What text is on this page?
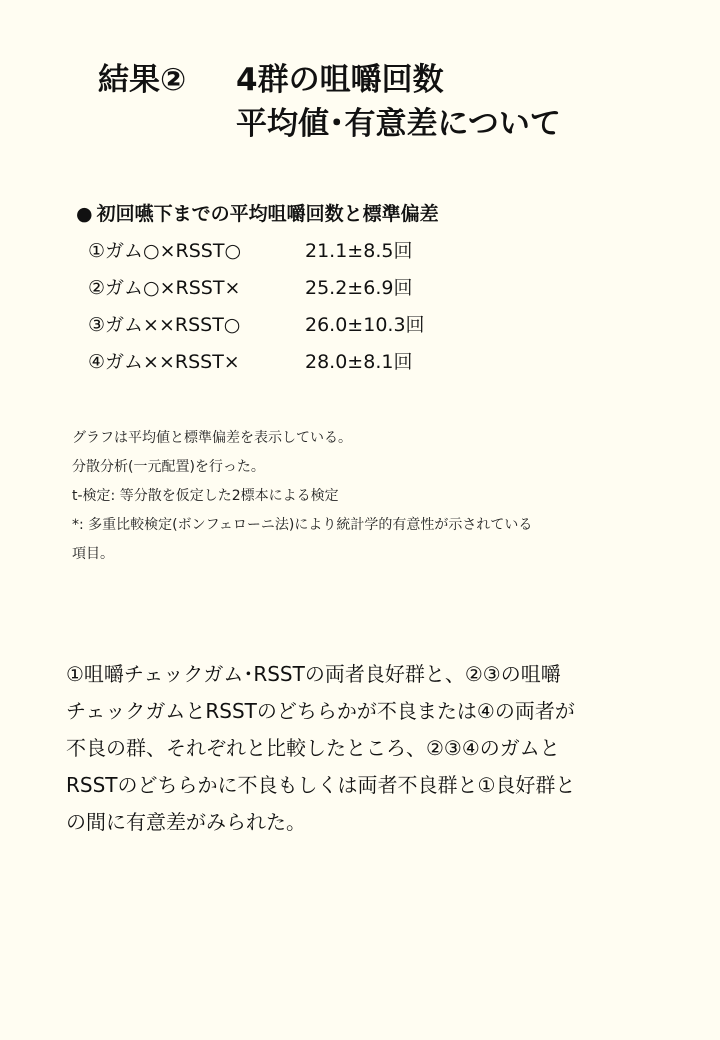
結果② 4群の咀嚼回数
平均値･有意差について
● 初回嚥下までの平均咀嚼回数と標準偏差
①ガム○×RSST○	21.1±8.5回
②ガム○×RSST×	25.2±6.9回
③ガム××RSST○	26.0±10.3回
④ガム××RSST×	28.0±8.1回

グラフは平均値と標準偏差を表示している。

分散分析(一元配置)を行った。

t-検定: 等分散を仮定した2標本による検定

*: 多重比較検定(ボンフェローニ法)により統計学的有意性が示されている

項目。

①咀嚼チェックガム･RSSTの両者良好群と、②③の咀嚼

チェックガムとRSSTのどちらかが不良または④の両者が

不良の群、それぞれと比較したところ、②③④のガムと

RSSTのどちらかに不良もしくは両者不良群と①良好群と

の間に有意差がみられた。
